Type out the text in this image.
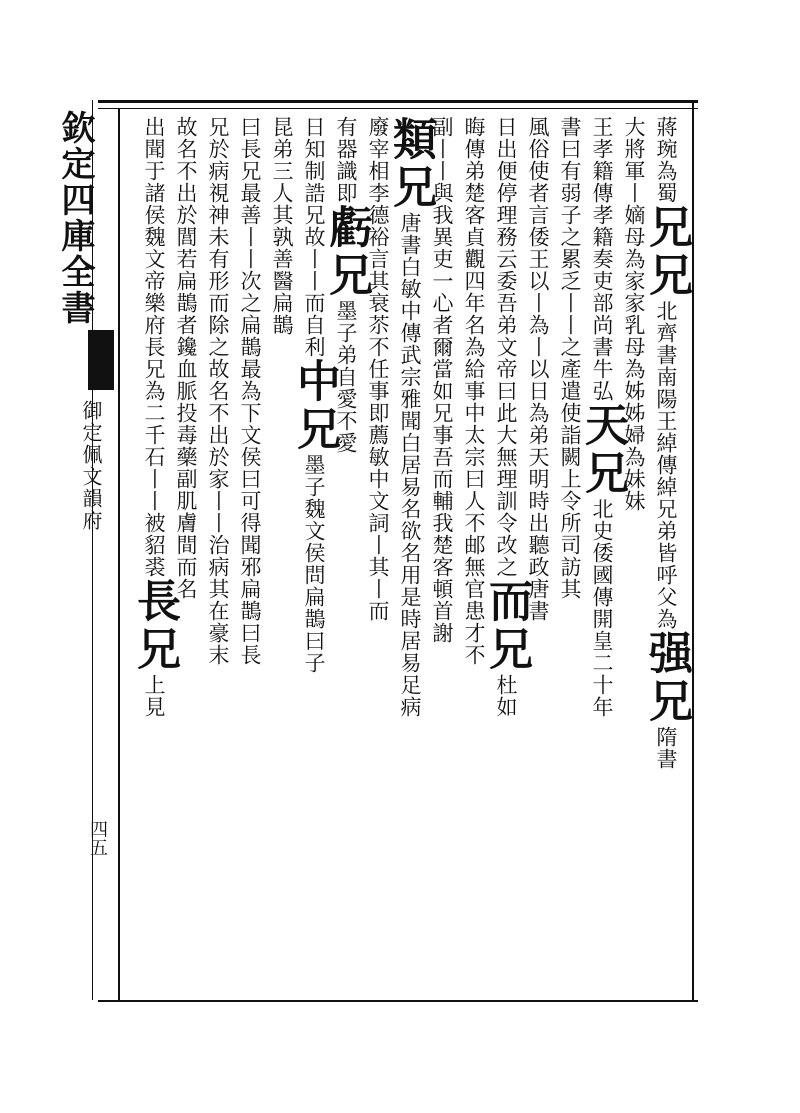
欽定四庫全書
御定佩文韻府
四五
蔣琬為蜀兄兄北齊書南陽王綽傳綽兄弟皆呼父為强兄隋書
大將軍丨嫡母為家家乳母為姊姊婦為妹妹
王孝籍傳孝籍奏吏部尚書牛弘天兄北史倭國傳開皇二十年
書曰有弱子之累乏丨丨之產遣使詣闕上令所司訪其
風俗使者言倭王以丨為丨以日為弟天明時出聽政唐書
日出便停理務云委吾弟文帝曰此大無理訓令改之而兄杜如
晦傳弟楚客貞觀四年名為給事中太宗曰人不邮無官患才不
副丨丨與我異吏一心者爾當如兄事吾而輔我楚客頓首謝
類兄唐書白敏中傳武宗雅聞白居易名欲名用是時居易足病
廢宰相李德裕言其衰苶不任事即薦敏中文詞丨其丨而
有器識即虧兄墨子弟自愛不愛
日知制誥兄故丨丨而自利中兄墨子魏文侯問扁鵲曰子
昆弟三人其孰善醫扁鵲
曰長兄最善丨丨次之扁鵲最為下文侯曰可得聞邪扁鵲曰長
兄於病視神未有形而除之故名不出於家丨丨治病其在豪末
故名不出於閭若扁鵲者鑱血脈投毒藥副肌膚間而名
出聞于諸侯魏文帝樂府長兄為二千石丨丨被貂裘長兄上見
